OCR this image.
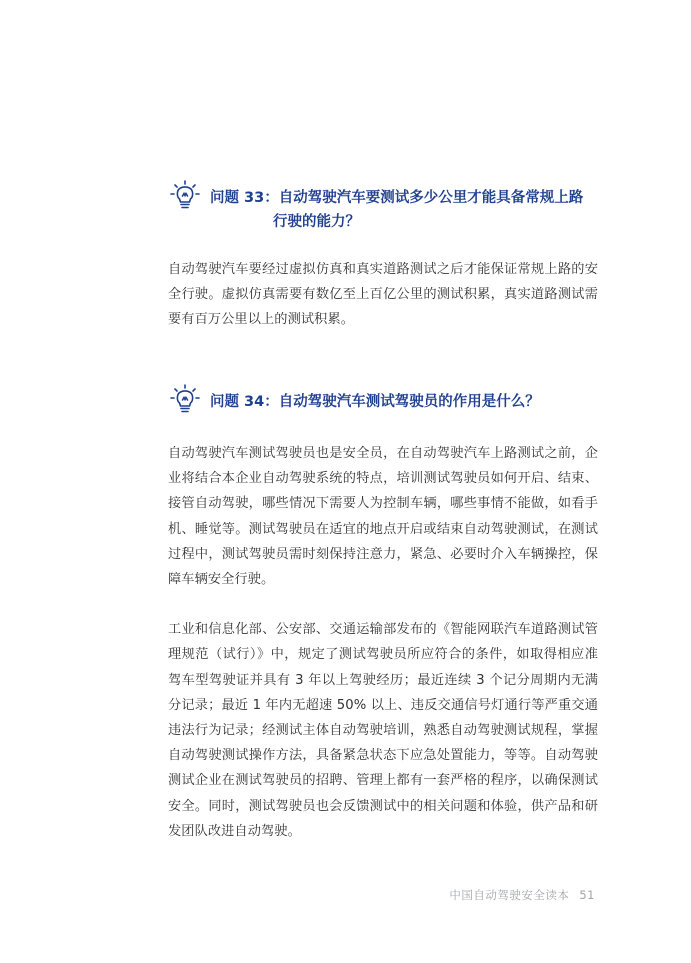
问题 33：自动驾驶汽车要测试多少公里才能具备常规上路
行驶的能力？

自动驾驶汽车要经过虚拟仿真和真实道路测试之后才能保证常规上路的安全行驶。虚拟仿真需要有数亿至上百亿公里的测试积累，真实道路测试需要有百万公里以上的测试积累。

问题 34：自动驾驶汽车测试驾驶员的作用是什么？

自动驾驶汽车测试驾驶员也是安全员，在自动驾驶汽车上路测试之前，企业将结合本企业自动驾驶系统的特点，培训测试驾驶员如何开启、结束、接管自动驾驶，哪些情况下需要人为控制车辆，哪些事情不能做，如看手机、睡觉等。测试驾驶员在适宜的地点开启或结束自动驾驶测试，在测试过程中，测试驾驶员需时刻保持注意力，紧急、必要时介入车辆操控，保障车辆安全行驶。

工业和信息化部、公安部、交通运输部发布的《智能网联汽车道路测试管理规范（试行）》中，规定了测试驾驶员所应符合的条件，如取得相应准驾车型驾驶证并具有 3 年以上驾驶经历；最近连续 3 个记分周期内无满分记录；最近 1 年内无超速 50% 以上、违反交通信号灯通行等严重交通违法行为记录；经测试主体自动驾驶培训，熟悉自动驾驶测试规程，掌握自动驾驶测试操作方法，具备紧急状态下应急处置能力，等等。自动驾驶测试企业在测试驾驶员的招聘、管理上都有一套严格的程序，以确保测试安全。同时，测试驾驶员也会反馈测试中的相关问题和体验，供产品和研发团队改进自动驾驶。

中国自动驾驶安全读本 51
